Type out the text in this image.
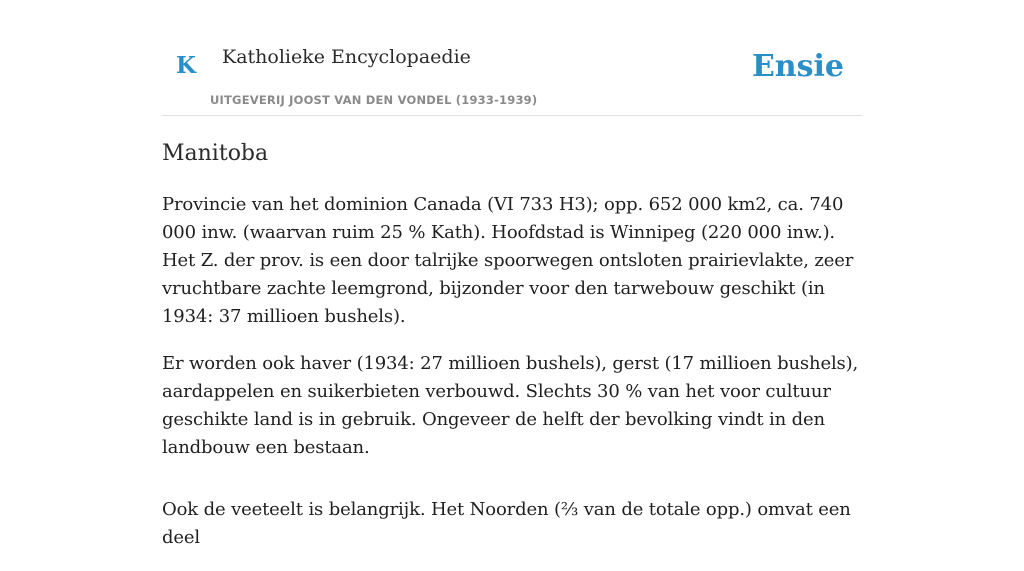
K Katholieke Encyclopaedie
UITGEVERIJ JOOST VAN DEN VONDEL (1933-1939)
Ensie
Manitoba

Provincie van het dominion Canada (VI 733 H3); opp. 652 000 km2, ca. 740 000 inw. (waarvan ruim 25 % Kath). Hoofdstad is Winnipeg (220 000 inw.). Het Z. der prov. is een door talrijke spoorwegen ontsloten prairievlakte, zeer vruchtbare zachte leemgrond, bijzonder voor den tarwebouw geschikt (in 1934: 37 millioen bushels).

Er worden ook haver (1934: 27 millioen bushels), gerst (17 millioen bushels), aardappelen en suikerbieten verbouwd. Slechts 30 % van het voor cultuur geschikte land is in gebruik. Ongeveer de helft der bevolking vindt in den landbouw een bestaan.

Ook de veeteelt is belangrijk. Het Noorden (⅔ van de totale opp.) omvat een deel
